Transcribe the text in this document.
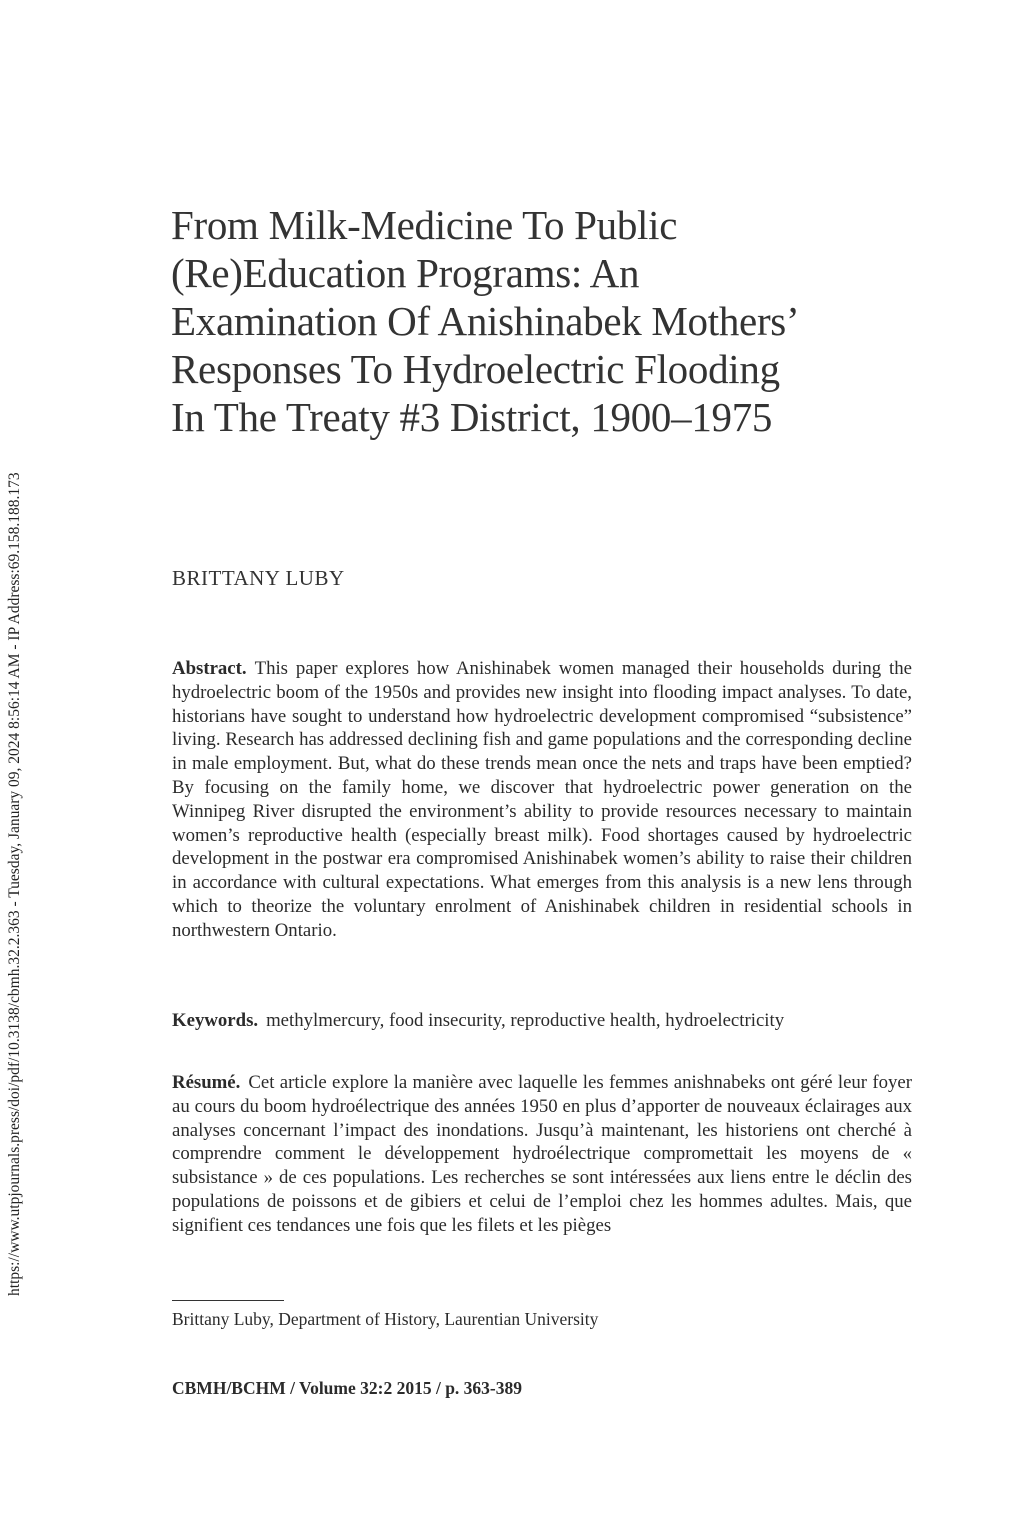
https://www.utpjournals.press/doi/pdf/10.3138/cbmh.32.2.363 - Tuesday, January 09, 2024 8:56:14 AM - IP Address:69.158.188.173
From Milk-Medicine To Public
(Re)Education Programs: An
Examination Of Anishinabek Mothers’
Responses To Hydroelectric Flooding
In The Treaty #3 District, 1900–1975
BRITTANY LUBY

Abstract. This paper explores how Anishinabek women managed their households during the hydroelectric boom of the 1950s and provides new insight into flooding impact analyses. To date, historians have sought to understand how hydroelectric development compromised “subsistence” living. Research has addressed declining fish and game populations and the corresponding decline in male employment. But, what do these trends mean once the nets and traps have been emptied? By focusing on the family home, we discover that hydroelectric power generation on the Winnipeg River disrupted the environment’s ability to provide resources necessary to maintain women’s reproductive health (especially breast milk). Food shortages caused by hydroelectric development in the postwar era compromised Anishinabek women’s ability to raise their children in accordance with cultural expectations. What emerges from this analysis is a new lens through which to theorize the voluntary enrolment of Anishinabek children in residential schools in northwestern Ontario.

Keywords. methylmercury, food insecurity, reproductive health, hydroelectricity

Résumé. Cet article explore la manière avec laquelle les femmes anishnabeks ont géré leur foyer au cours du boom hydroélectrique des années 1950 en plus d’apporter de nouveaux éclairages aux analyses concernant l’impact des inondations. Jusqu’à maintenant, les historiens ont cherché à comprendre comment le développement hydroélectrique compromettait les moyens de « subsistance » de ces populations. Les recherches se sont intéressées aux liens entre le déclin des populations de poissons et de gibiers et celui de l’emploi chez les hommes adultes. Mais, que signifient ces tendances une fois que les filets et les pièges

Brittany Luby, Department of History, Laurentian University
CBMH/BCHM / Volume 32:2 2015 / p. 363-389
